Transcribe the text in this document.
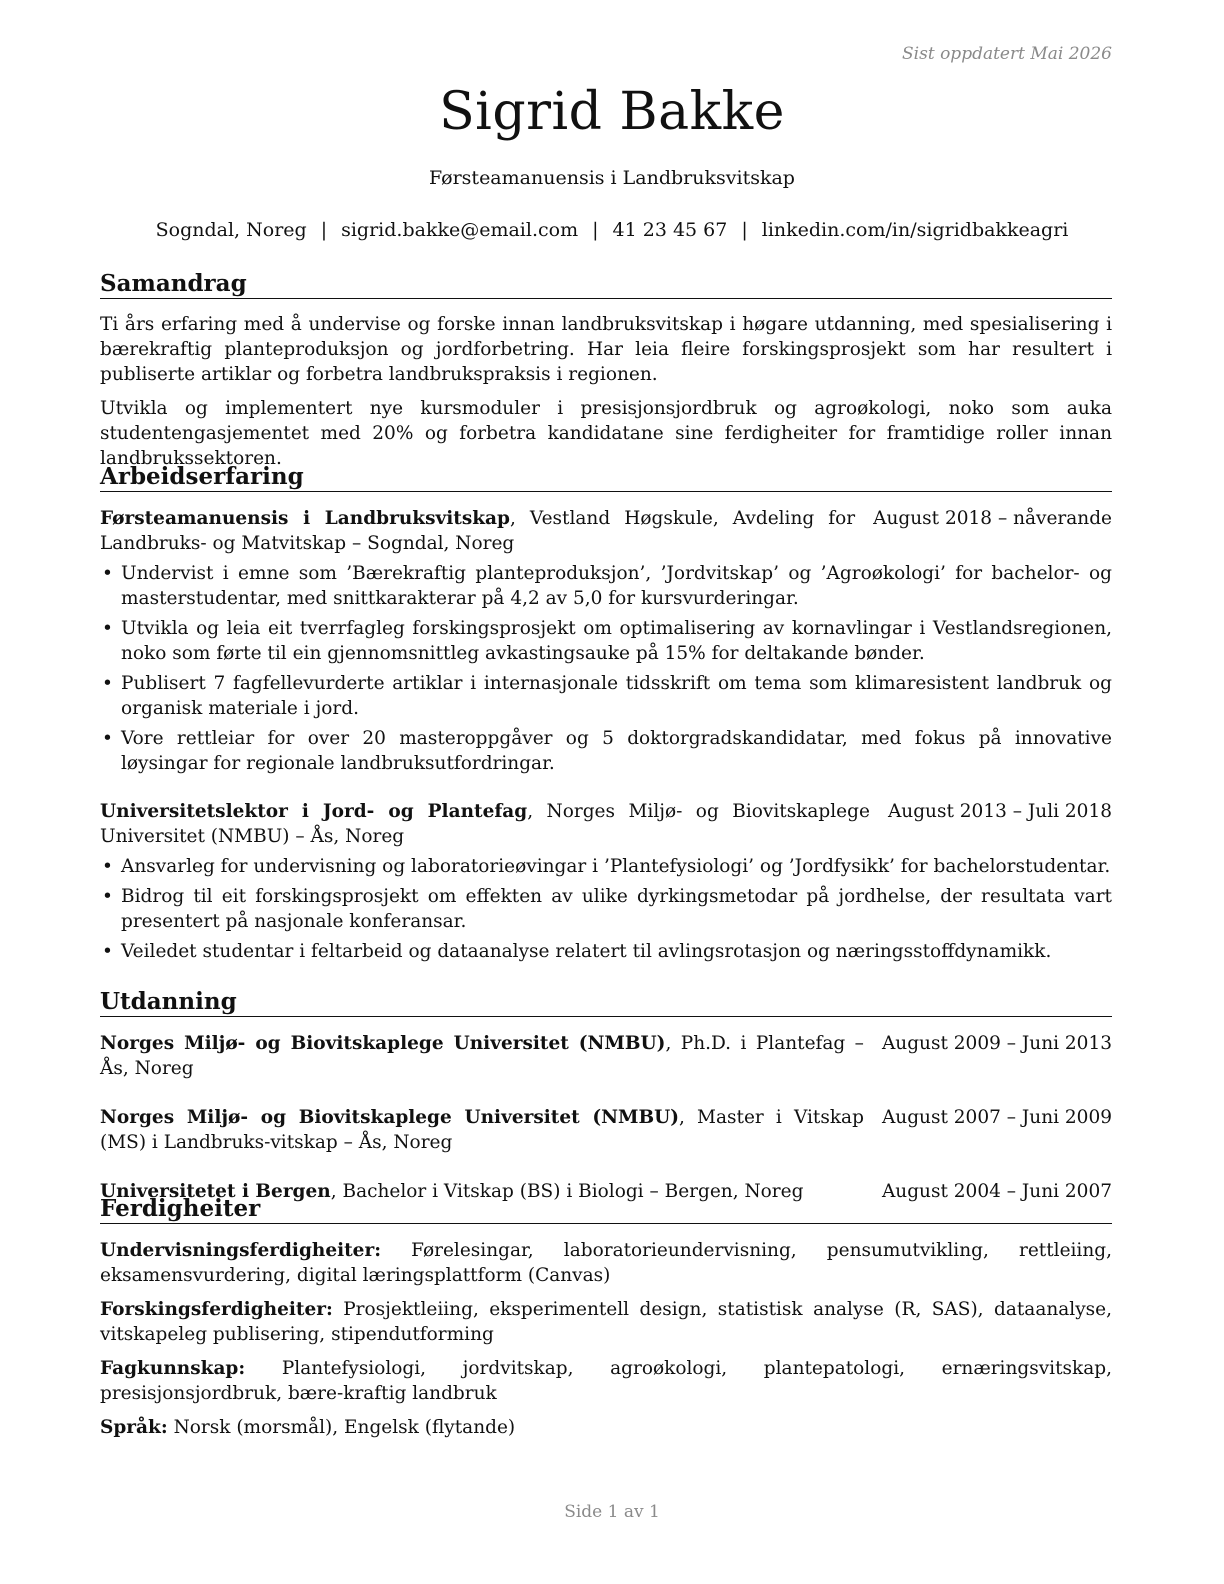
Sist oppdatert Mai 2026
Sigrid Bakke
Førsteamanuensis i Landbruksvitskap
Sogndal, Noreg | sigrid.bakke@email.com | 41 23 45 67 | linkedin.com/in/sigridbakkeagri
Samandrag

Ti års erfaring med å undervise og forske innan landbruksvitskap i høgare utdanning, med spesialisering i bærekraftig planteproduksjon og jordforbetring. Har leia fleire forskingsprosjekt som har resultert i publiserte artiklar og forbetra landbrukspraksis i regionen.

Utvikla og implementert nye kursmoduler i presisjonsjordbruk og agroøkologi, noko som auka studentengasjementet med 20% og forbetra kandidatane sine ferdigheiter for framtidige roller innan landbrukssektoren.

Arbeidserfaring
Førsteamanuensis i Landbruksvitskap, Vestland Høgskule, Avdeling for Landbruks- og Matvitskap – Sogndal, Noreg
August 2018 – nåverande
• Undervist i emne som ’Bærekraftig planteproduksjon’, ’Jordvitskap’ og ’Agroøkologi’ for bachelor- og masterstudentar, med snittkarakterar på 4,2 av 5,0 for kursvurderingar.
• Utvikla og leia eit tverrfagleg forskingsprosjekt om optimalisering av kornavlingar i Vestlandsregionen, noko som førte til ein gjennomsnittleg avkastingsauke på 15% for deltakande bønder.
• Publisert 7 fagfellevurderte artiklar i internasjonale tidsskrift om tema som klimaresistent landbruk og organisk materiale i jord.
• Vore rettleiar for over 20 masteroppgåver og 5 doktorgradskandidatar, med fokus på innovative løysingar for regionale landbruksutfordringar.
Universitetslektor i Jord- og Plantefag, Norges Miljø- og Biovitskaplege Universitet (NMBU) – Ås, Noreg
August 2013 – Juli 2018
• Ansvarleg for undervisning og laboratorieøvingar i ’Plantefysiologi’ og ’Jordfysikk’ for bachelorstudentar.
• Bidrog til eit forskingsprosjekt om effekten av ulike dyrkingsmetodar på jordhelse, der resultata vart presentert på nasjonale konferansar.
• Veiledet studentar i feltarbeid og dataanalyse relatert til avlingsrotasjon og næringsstoffdynamikk.
Utdanning
Norges Miljø- og Biovitskaplege Universitet (NMBU), Ph.D. i Plantefag – Ås, Noreg
August 2009 – Juni 2013
Norges Miljø- og Biovitskaplege Universitet (NMBU), Master i Vitskap (MS) i Landbruks-vitskap – Ås, Noreg
August 2007 – Juni 2009
Universitetet i Bergen, Bachelor i Vitskap (BS) i Biologi – Bergen, Noreg	August 2004 – Juni 2007
Ferdigheiter
Undervisningsferdigheiter: Førelesingar, laboratorieundervisning, pensumutvikling, rettleiing, eksamensvurdering, digital læringsplattform (Canvas)
Forskingsferdigheiter: Prosjektleiing, eksperimentell design, statistisk analyse (R, SAS), dataanalyse, vitskapeleg publisering, stipendutforming
Fagkunnskap: Plantefysiologi, jordvitskap, agroøkologi, plantepatologi, ernæringsvitskap, presisjonsjordbruk, bære-kraftig landbruk
Språk: Norsk (morsmål), Engelsk (flytande)
Side 1 av 1
